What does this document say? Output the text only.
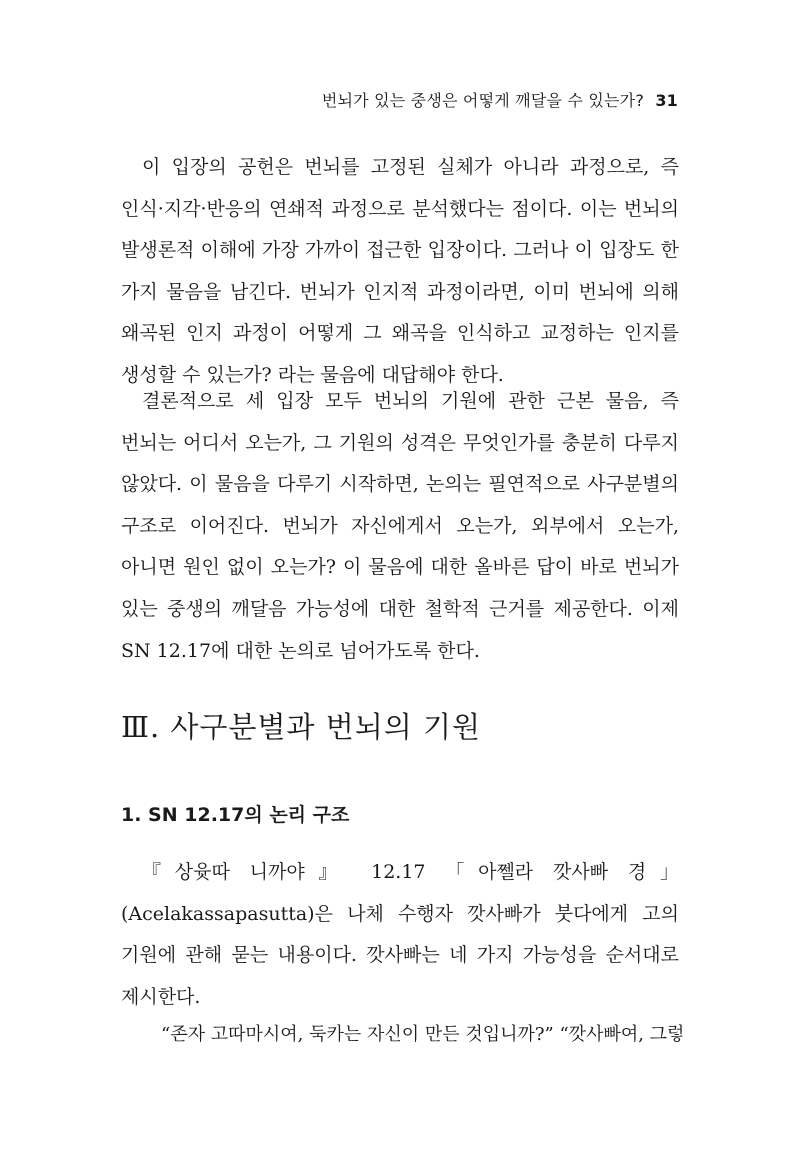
번뇌가 있는 중생은 어떻게 깨달을 수 있는가? 31

이 입장의 공헌은 번뇌를 고정된 실체가 아니라 과정으로, 즉 인식·지각·반응의 연쇄적 과정으로 분석했다는 점이다. 이는 번뇌의 발생론적 이해에 가장 가까이 접근한 입장이다. 그러나 이 입장도 한 가지 물음을 남긴다. 번뇌가 인지적 과정이라면, 이미 번뇌에 의해 왜곡된 인지 과정이 어떻게 그 왜곡을 인식하고 교정하는 인지를 생성할 수 있는가? 라는 물음에 대답해야 한다.

결론적으로 세 입장 모두 번뇌의 기원에 관한 근본 물음, 즉 번뇌는 어디서 오는가, 그 기원의 성격은 무엇인가를 충분히 다루지 않았다. 이 물음을 다루기 시작하면, 논의는 필연적으로 사구분별의 구조로 이어진다. 번뇌가 자신에게서 오는가, 외부에서 오는가, 아니면 원인 없이 오는가? 이 물음에 대한 올바른 답이 바로 번뇌가 있는 중생의 깨달음 가능성에 대한 철학적 근거를 제공한다. 이제 SN 12.17에 대한 논의로 넘어가도록 한다.

Ⅲ. 사구분별과 번뇌의 기원
1. SN 12.17의 논리 구조

『상윳따 니까야』 12.17 「아쩰라 깟사빠 경」(Acelakassapasutta)은 나체 수행자 깟사빠가 붓다에게 고의 기원에 관해 묻는 내용이다. 깟사빠는 네 가지 가능성을 순서대로 제시한다.

“존자 고따마시여, 둑카는 자신이 만든 것입니까?” “깟사빠여, 그렇
